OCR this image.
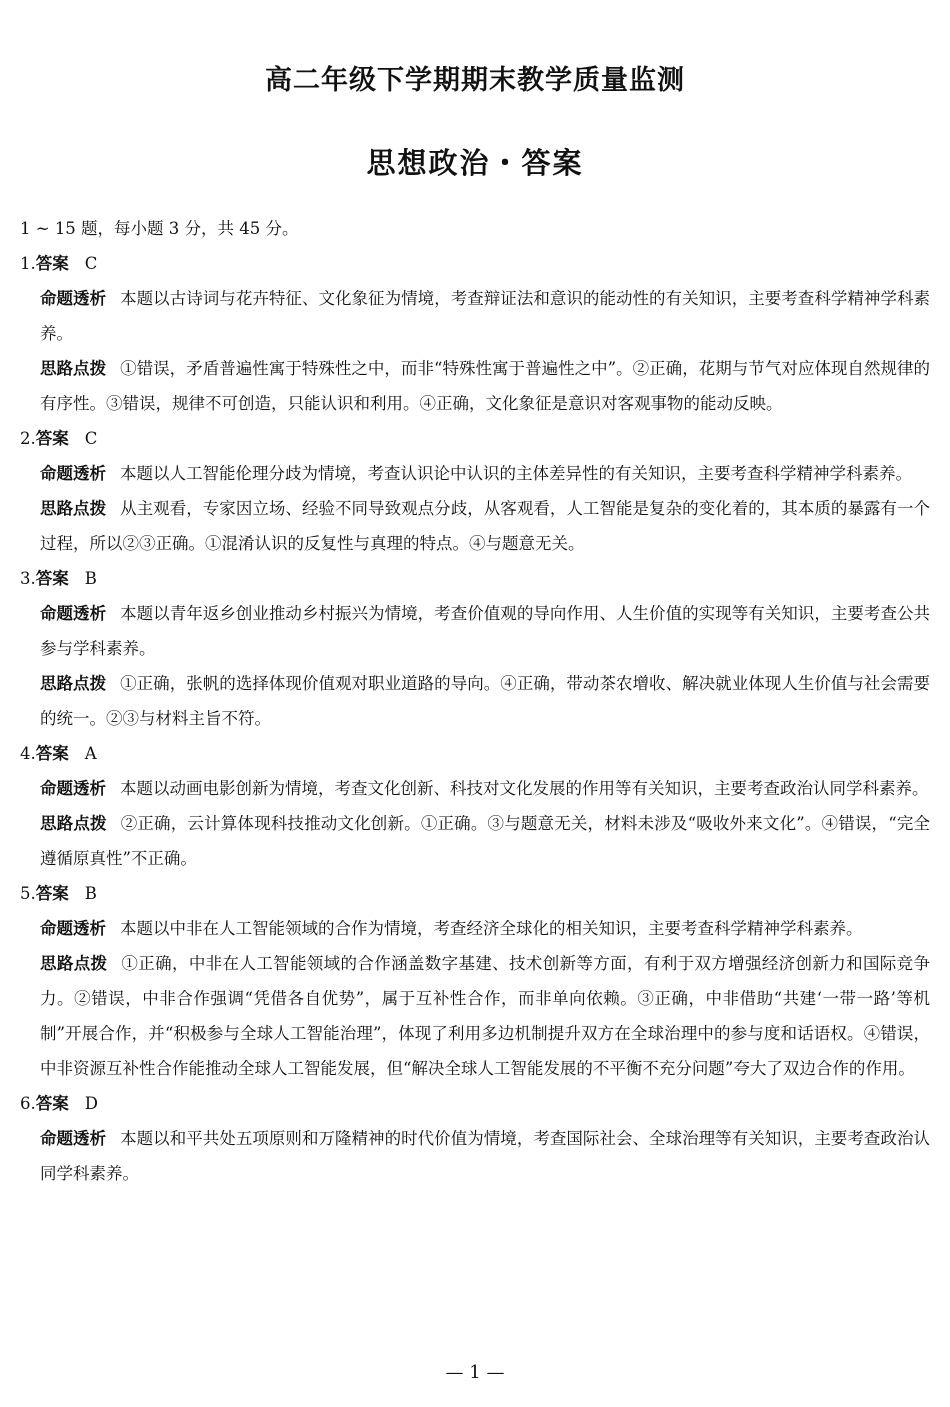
高二年级下学期期末教学质量监测
思想政治・答案
1 ~ 15 题，每小题 3 分，共 45 分。
1.答案 C
命题透析 本题以古诗词与花卉特征、文化象征为情境，考查辩证法和意识的能动性的有关知识，主要考查科学精神学科素养。
思路点拨 ①错误，矛盾普遍性寓于特殊性之中，而非“特殊性寓于普遍性之中”。②正确，花期与节气对应体现自然规律的有序性。③错误，规律不可创造，只能认识和利用。④正确，文化象征是意识对客观事物的能动反映。
2.答案 C
命题透析 本题以人工智能伦理分歧为情境，考查认识论中认识的主体差异性的有关知识，主要考查科学精神学科素养。
思路点拨 从主观看，专家因立场、经验不同导致观点分歧，从客观看，人工智能是复杂的变化着的，其本质的暴露有一个过程，所以②③正确。①混淆认识的反复性与真理的特点。④与题意无关。
3.答案 B
命题透析 本题以青年返乡创业推动乡村振兴为情境，考查价值观的导向作用、人生价值的实现等有关知识，主要考查公共参与学科素养。
思路点拨 ①正确，张帆的选择体现价值观对职业道路的导向。④正确，带动茶农增收、解决就业体现人生价值与社会需要的统一。②③与材料主旨不符。
4.答案 A
命题透析 本题以动画电影创新为情境，考查文化创新、科技对文化发展的作用等有关知识，主要考查政治认同学科素养。
思路点拨 ②正确，云计算体现科技推动文化创新。①正确。③与题意无关，材料未涉及“吸收外来文化”。④错误，“完全遵循原真性”不正确。
5.答案 B
命题透析 本题以中非在人工智能领域的合作为情境，考查经济全球化的相关知识，主要考查科学精神学科素养。
思路点拨 ①正确，中非在人工智能领域的合作涵盖数字基建、技术创新等方面，有利于双方增强经济创新力和国际竞争力。②错误，中非合作强调“凭借各自优势”，属于互补性合作，而非单向依赖。③正确，中非借助“共建‘一带一路’等机制”开展合作，并“积极参与全球人工智能治理”，体现了利用多边机制提升双方在全球治理中的参与度和话语权。④错误，中非资源互补性合作能推动全球人工智能发展，但“解决全球人工智能发展的不平衡不充分问题”夸大了双边合作的作用。
6.答案 D
命题透析 本题以和平共处五项原则和万隆精神的时代价值为情境，考查国际社会、全球治理等有关知识，主要考查政治认同学科素养。
— 1 —
